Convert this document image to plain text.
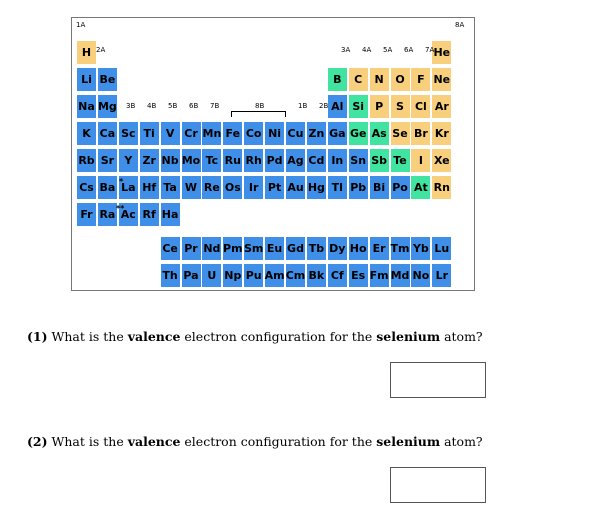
(1) What is the valence electron configuration for the selenium atom?
(2) What is the valence electron configuration for the selenium atom?
H	He
Li Be	B	C	N	O	F Ne
Na Mg	Al Si	P	S	Cl Ar
K Ca Sc Ti	V Cr Mn Fe Co Ni Cu Zn Ga Ge As Se Br Kr
Rb Sr Y Zr Nb Mo Tc Ru Rh Pd Ag Cd In Sn Sb Te	I	Xe
Cs Ba La Hf Ta W Re Os Ir Pt Au Hg Tl Pb Bi Po At Rn
Fr Ra Ac Rf Ha
Ce Pr Nd Pm Sm Eu Gd Tb Dy Ho Er Tm Yb Lu
Th Pa U Np Pu Am Cm Bk Cf Es Fm Md No Lr
1A
2A
3B 4B 5B 6B 7B	8B	1B 2B
3A 4A 5A 6A 7A
8A
*
**
